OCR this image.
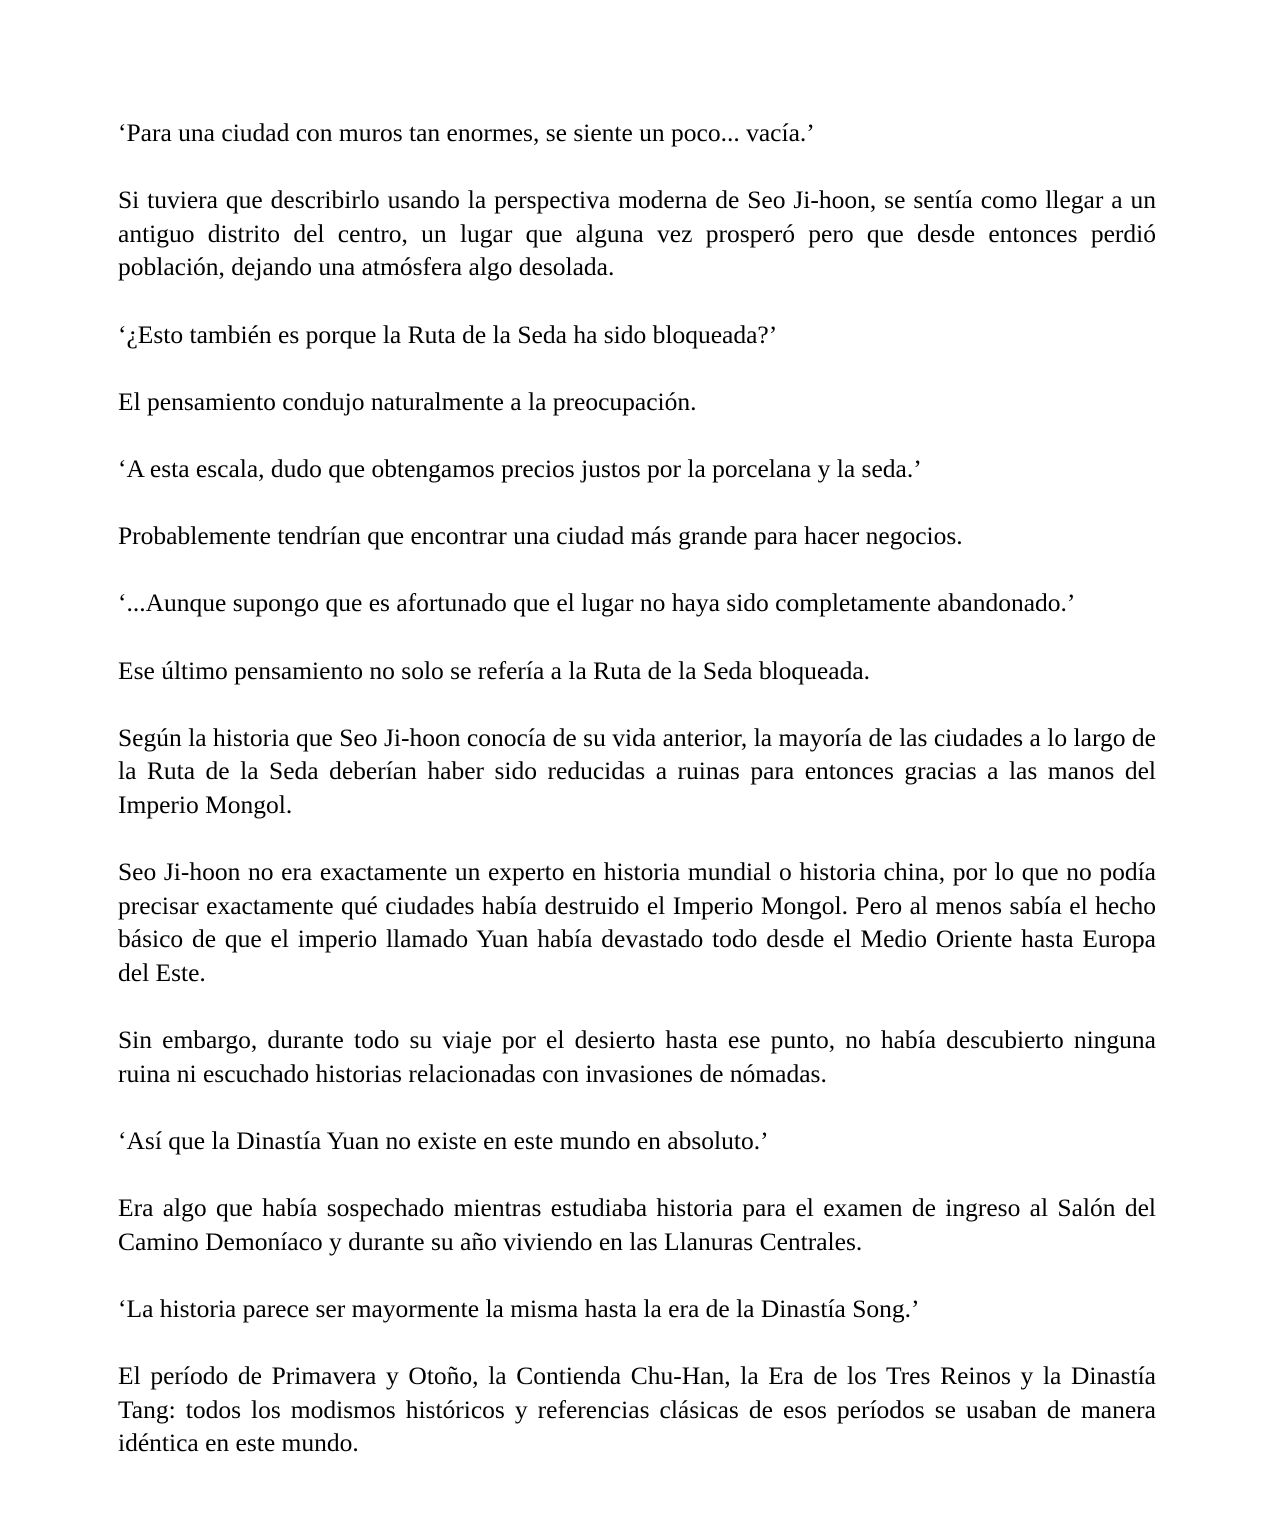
‘Para una ciudad con muros tan enormes, se siente un poco... vacía.’

Si tuviera que describirlo usando la perspectiva moderna de Seo Ji-hoon, se sentía como llegar a un antiguo distrito del centro, un lugar que alguna vez prosperó pero que desde entonces perdió población, dejando una atmósfera algo desolada.

‘¿Esto también es porque la Ruta de la Seda ha sido bloqueada?’

El pensamiento condujo naturalmente a la preocupación.

‘A esta escala, dudo que obtengamos precios justos por la porcelana y la seda.’

Probablemente tendrían que encontrar una ciudad más grande para hacer negocios.

‘...Aunque supongo que es afortunado que el lugar no haya sido completamente abandonado.’

Ese último pensamiento no solo se refería a la Ruta de la Seda bloqueada.

Según la historia que Seo Ji-hoon conocía de su vida anterior, la mayoría de las ciudades a lo largo de la Ruta de la Seda deberían haber sido reducidas a ruinas para entonces gracias a las manos del Imperio Mongol.

Seo Ji-hoon no era exactamente un experto en historia mundial o historia china, por lo que no podía precisar exactamente qué ciudades había destruido el Imperio Mongol. Pero al menos sabía el hecho básico de que el imperio llamado Yuan había devastado todo desde el Medio Oriente hasta Europa del Este.

Sin embargo, durante todo su viaje por el desierto hasta ese punto, no había descubierto ninguna ruina ni escuchado historias relacionadas con invasiones de nómadas.

‘Así que la Dinastía Yuan no existe en este mundo en absoluto.’

Era algo que había sospechado mientras estudiaba historia para el examen de ingreso al Salón del Camino Demoníaco y durante su año viviendo en las Llanuras Centrales.

‘La historia parece ser mayormente la misma hasta la era de la Dinastía Song.’

El período de Primavera y Otoño, la Contienda Chu-Han, la Era de los Tres Reinos y la Dinastía Tang: todos los modismos históricos y referencias clásicas de esos períodos se usaban de manera idéntica en este mundo.
